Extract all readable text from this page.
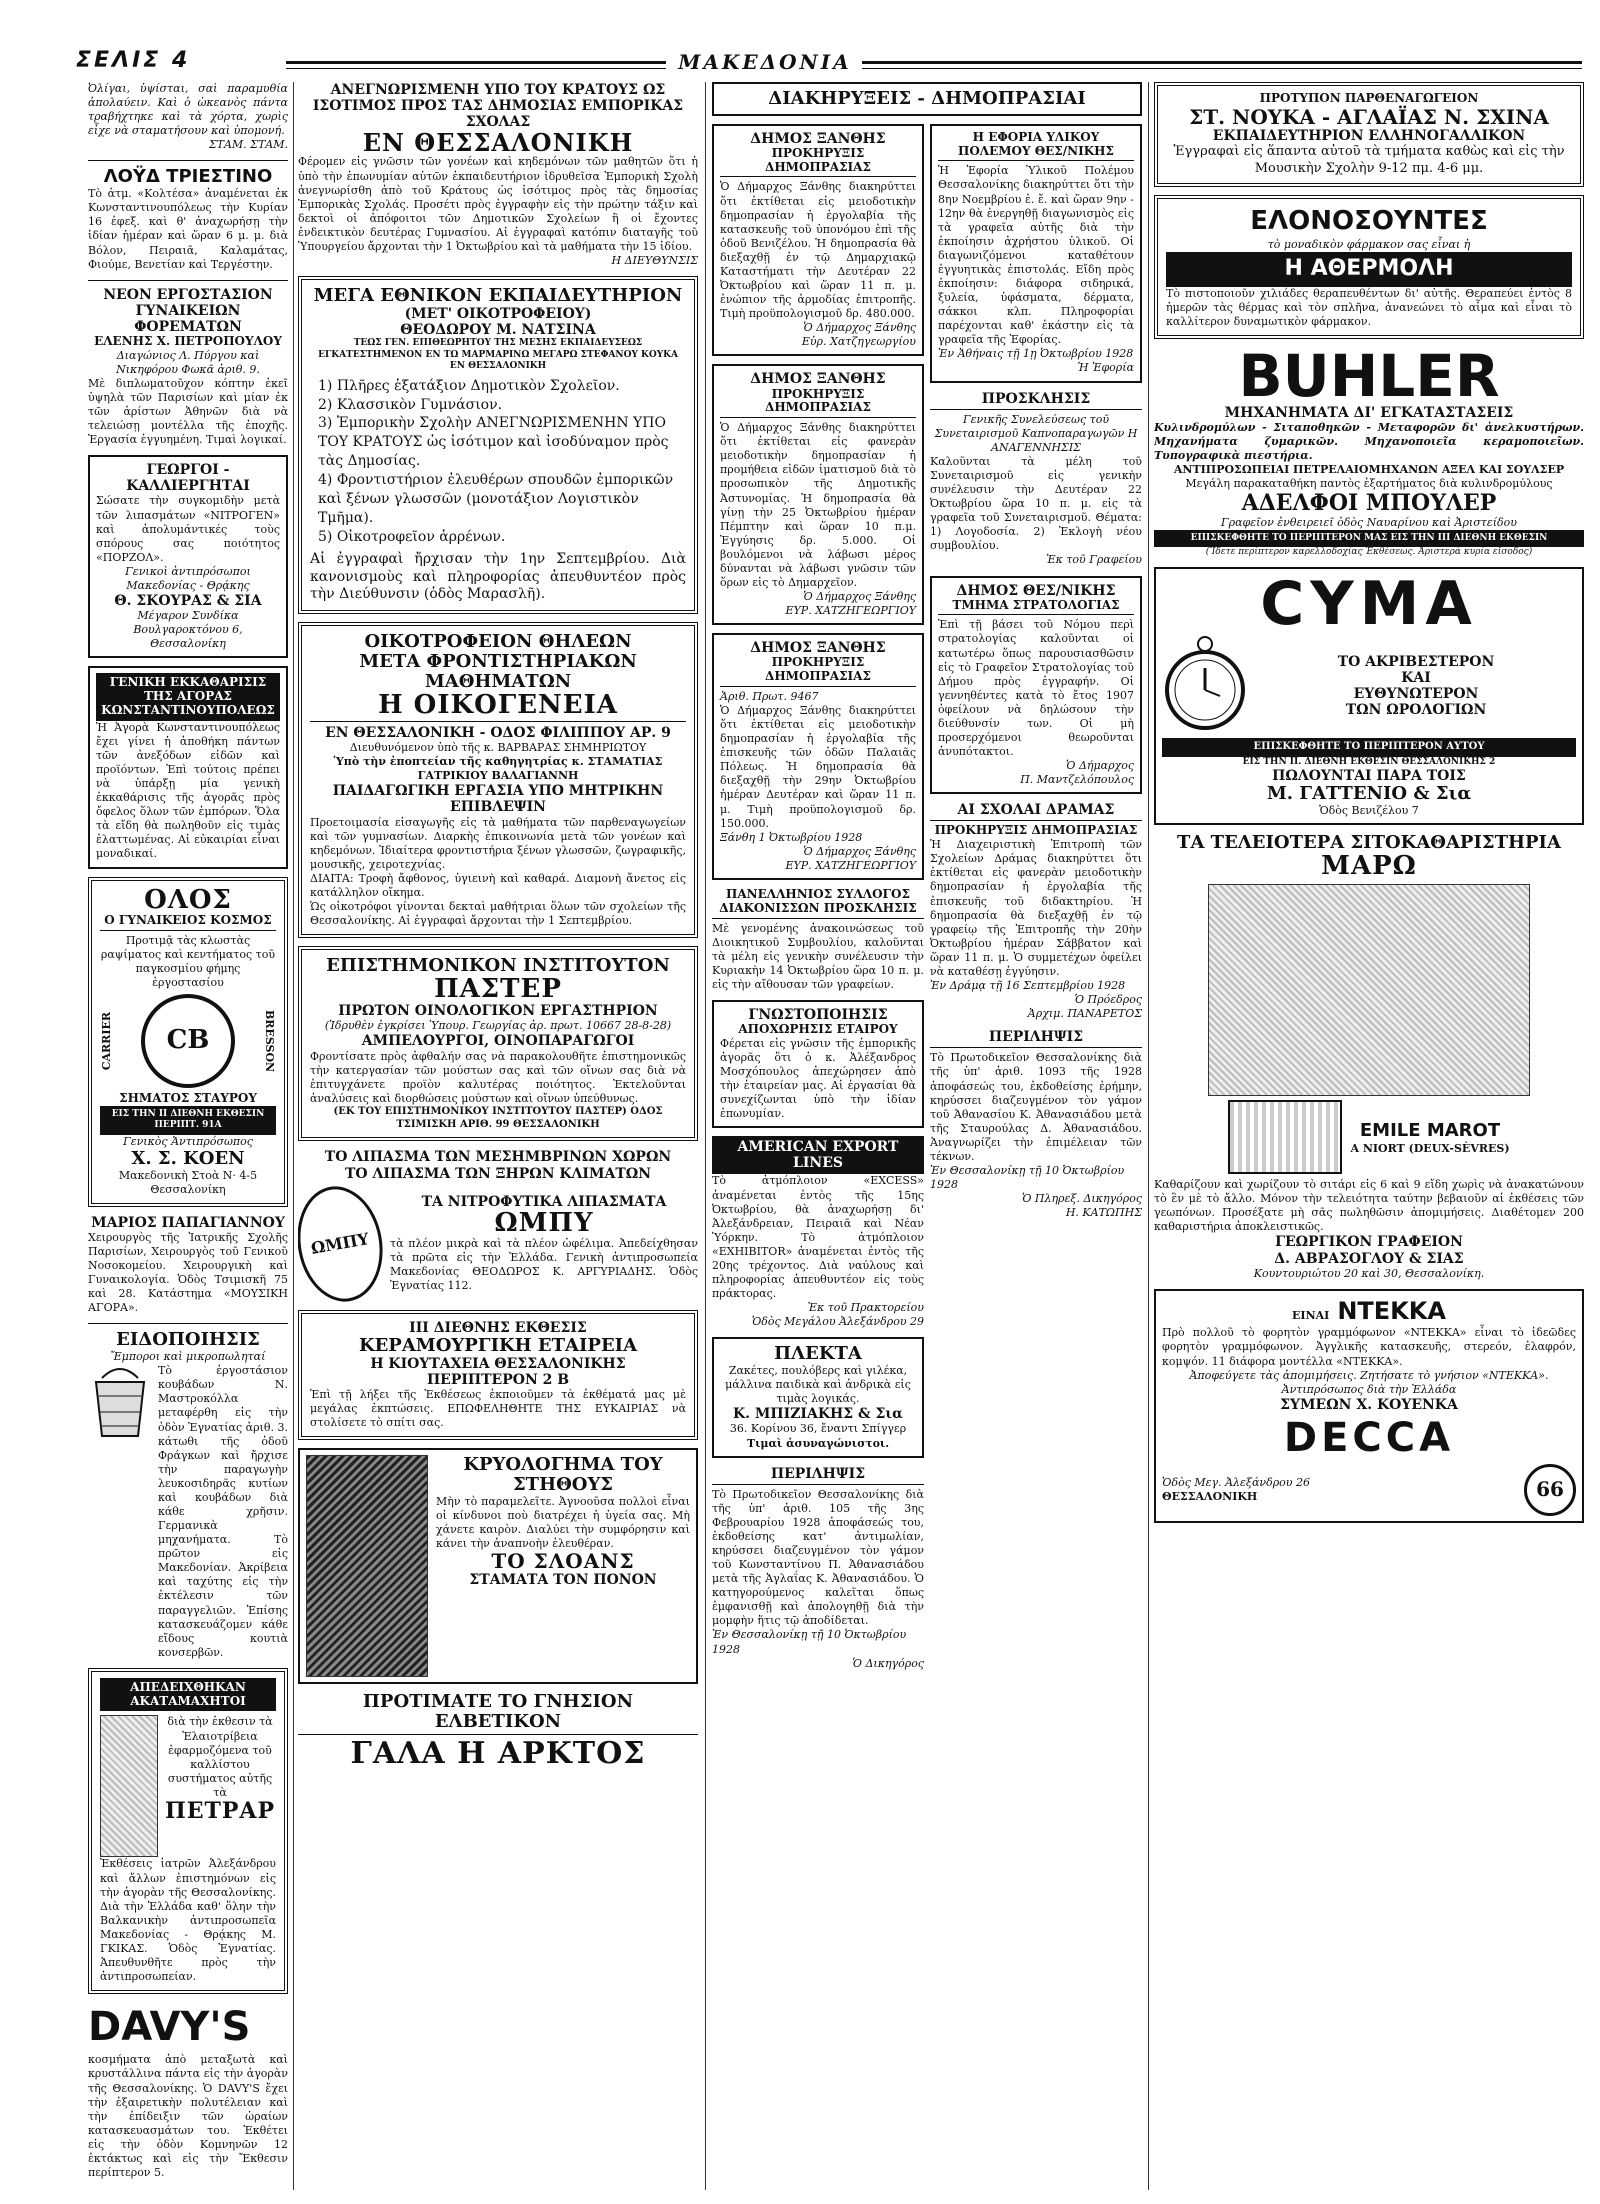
ΣΕΛΙΣ 4	ΜΑΚΕΔΟΝΙΑ
Ὀλίγαι, ὑψίσται, σαὶ παραμυθία ἀπολαύειν. Καὶ ὁ ὠκεανὸς πάντα τραβήχτηκε καὶ τὰ χόρτα, χωρὶς εἶχε νὰ σταματήσουν καὶ ὑπομονή.
ΣΤΑΜ. ΣΤΑΜ.
ΛΟΫΔ ΤΡΙΕΣΤΙΝΟ
Τὸ ἀτμ. «Κολτέσα» ἀναμένεται ἐκ Κωνσταντινουπόλεως τὴν Κυρίαν 16 ἐφεξ. καὶ θ' ἀναχωρήσῃ τὴν ἰδίαν ἡμέραν καὶ ὥραν 6 μ. μ. διὰ Βόλον, Πειραιᾶ, Καλαμάτας, Φιούμε, Βενετίαν καὶ Τεργέστην.
ΝΕΟΝ ΕΡΓΟΣΤΑΣΙΟΝ ΓΥΝΑΙΚΕΙΩΝ ΦΟΡΕΜΑΤΩΝ
ΕΛΕΝΗΣ Χ. ΠΕΤΡΟΠΟΥΛΟΥ
Διαγώνιος Λ. Πύργου καὶ Νικηφόρου Φωκᾶ ἀριθ. 9.
Μὲ διπλωματοῦχον κόπτην ἐκεῖ ὑψηλὰ τῶν Παρισίων καὶ μίαν ἐκ τῶν ἀρίστων Ἀθηνῶν διὰ νὰ τελειώσῃ μοντέλλα τῆς ἐποχῆς. Ἐργασία ἐγγυημένη. Τιμαὶ λογικαί.
ΓΕΩΡΓΟΙ - ΚΑΛΛΙΕΡΓΗΤΑΙ
Σώσατε τὴν συγκομιδὴν μετὰ τῶν λιπασμάτων «ΝΙΤΡΟΓΕΝ» καὶ ἀπολυμάντικές τοὺς σπόρους σας ποιότητος «ΠΟΡΖΟΛ».
Γενικοὶ ἀντιπρόσωποι Μακεδονίας - Θρᾴκης
Θ. ΣΚΟΥΡΑΣ & ΣΙΑ
Μέγαρον Συνδίκα Βουλγαροκτόνου 6, Θεσσαλονίκη
ΓΕΝΙΚΗ ΕΚΚΑΘΑΡΙΣΙΣ ΤΗΣ ΑΓΟΡΑΣ ΚΩΝΣΤΑΝΤΙΝΟΥΠΟΛΕΩΣ
Ἡ Ἀγορὰ Κωνσταντινουπόλεως ἔχει γίνει ἡ ἀποθήκη πάντων τῶν ἀνεξόδων εἰδῶν καὶ προϊόντων. Ἐπὶ τούτοις πρέπει νὰ ὑπάρξῃ μία γενικὴ ἐκκαθάρισις τῆς ἀγορᾶς πρὸς ὄφελος ὅλων τῶν ἐμπόρων. Ὅλα τὰ εἴδη θὰ πωληθοῦν εἰς τιμὰς ἐλαττωμένας. Αἱ εὐκαιρίαι εἶναι μοναδικαί.
ΟΛΟΣ
Ο ΓΥΝΑΙΚΕΙΟΣ ΚΟΣΜΟΣ
Προτιμᾷ τὰς κλωστὰς ραψίματος καὶ κεντήματος τοῦ παγκοσμίου φήμης ἐργοστασίου
CARRIER CB	BRESSON
ΣΗΜΑΤΟΣ ΣΤΑΥΡΟΥ
ΕΙΣ ΤΗΝ ΙΙ ΔΙΕΘΝΗ ΕΚΘΕΣΙΝ ΠΕΡΙΠΤ. 91Α
Γενικὸς Ἀντιπρόσωπος
Χ. Σ. ΚΟΕΝ
Μακεδονικὴ Στοὰ Ν· 4-5 Θεσσαλονίκη
ΜΑΡΙΟΣ ΠΑΠΑΓΙΑΝΝΟΥ
Χειρουργὸς τῆς Ἰατρικῆς Σχολῆς Παρισίων, Χειρουργὸς τοῦ Γενικοῦ Νοσοκομείου. Χειρουργικὴ καὶ Γυναικολογία. Ὁδὸς Τσιμισκῆ 75 καὶ 28. Κατάστημα «ΜΟΥΣΙΚΗ ΑΓΟΡΑ».
ΕΙΔΟΠΟΙΗΣΙΣ
Ἔμποροι καὶ μικροπωληταί
Τὸ ἐργοστάσιον κουβάδων Ν. Μαστροκόλλα μεταφέρθη εἰς τὴν ὁδὸν Ἐγνατίας ἀριθ. 3. κάτωθι τῆς ὁδοῦ Φράγκων καὶ ἤρχισε τὴν παραγωγὴν λευκοσιδηρᾶς κυτίων καὶ κουβάδων διὰ κάθε χρῆσιν. Γερμανικὰ μηχανήματα. Τὸ πρῶτον εἰς Μακεδονίαν. Ἀκρίβεια καὶ ταχύτης εἰς τὴν ἐκτέλεσιν τῶν παραγγελιῶν. Ἐπίσης κατασκευάζομεν κάθε εἴδους κουτιὰ κονσερβῶν.
ΑΠΕΔΕΙΧΘΗΚΑΝ ΑΚΑΤΑΜΑΧΗΤΟΙ
διὰ τὴν ἐκθεσιν τὰ Ἐλαιοτρίβεια ἐφαρμοζόμενα τοῦ καλλίστου συστήματος αὐτῆς τὰ
ΠΕΤΡΑΡ
Ἐκθέσεις ἰατρῶν Ἀλεξάνδρου καὶ ἄλλων ἐπιστημόνων εἰς τὴν ἀγορὰν τῆς Θεσσαλονίκης. Διὰ τὴν Ἑλλάδα καθ' ὅλην τὴν Βαλκανικὴν ἀντιπροσωπεῖα Μακεδονίας - Θρᾴκης Μ. ΓΚΙΚΑΣ. Ὁδὸς Ἐγνατίας. Ἀπευθυνθῆτε πρὸς τὴν ἀντιπροσωπείαν.
DAVY'S
κοσμήματα ἀπὸ μεταξωτὰ καὶ κρυστάλλινα πάντα εἰς τὴν ἀγορὰν τῆς Θεσσαλονίκης. Ὁ DAVY'S ἔχει τὴν ἐξαιρετικὴν πολυτέλειαν καὶ τὴν ἐπίδειξιν τῶν ὡραίων κατασκευασμάτων του. Ἐκθέτει εἰς τὴν ὁδὸν Κομνηνῶν 12 ἐκτάκτως καὶ εἰς τὴν Ἔκθεσιν περίπτερον 5.
ΑΝΕΓΝΩΡΙΣΜΕΝΗ ΥΠΟ ΤΟΥ ΚΡΑΤΟΥΣ ΩΣ ΙΣΟΤΙΜΟΣ ΠΡΟΣ ΤΑΣ ΔΗΜΟΣΙΑΣ ΕΜΠΟΡΙΚΑΣ ΣΧΟΛΑΣ
ΕΝ ΘΕΣΣΑΛΟΝΙΚΗ
Φέρομεν εἰς γνῶσιν τῶν γονέων καὶ κηδεμόνων τῶν μαθητῶν ὅτι ἡ ὑπὸ τὴν ἐπωνυμίαν αὐτῶν ἐκπαιδευτήριον ἰδρυθεῖσα Ἐμπορικὴ Σχολὴ ἀνεγνωρίσθη ἀπὸ τοῦ Κράτους ὡς ἰσότιμος πρὸς τὰς δημοσίας Ἐμπορικὰς Σχολάς. Προσέτι πρὸς ἐγγραφὴν εἰς τὴν πρώτην τάξιν καὶ δεκτοὶ οἱ ἀπόφοιτοι τῶν Δημοτικῶν Σχολείων ἢ οἱ ἔχοντες ἐνδεικτικὸν δευτέρας Γυμνασίου. Αἱ ἐγγραφαὶ κατόπιν διαταγῆς τοῦ Ὑπουργείου ἄρχονται τὴν 1 Ὀκτωβρίου καὶ τὰ μαθήματα τὴν 15 ἰδίου.
Η ΔΙΕΥΘΥΝΣΙΣ
ΜΕΓΑ ΕΘΝΙΚΟΝ ΕΚΠΑΙΔΕΥΤΗΡΙΟΝ
(ΜΕΤ' ΟΙΚΟΤΡΟΦΕΙΟΥ)
ΘΕΟΔΩΡΟΥ Μ. ΝΑΤΣΙΝΑ
ΤΕΩΣ ΓΕΝ. ΕΠΙΘΕΩΡΗΤΟΥ ΤΗΣ ΜΕΣΗΣ ΕΚΠΑΙΔΕΥΣΕΩΣ ΕΓΚΑΤΕΣΤΗΜΕΝΟΝ ΕΝ ΤΩ ΜΑΡΜΑΡΙΝΩ ΜΕΓΑΡΩ ΣΤΕΦΑΝΟΥ ΚΟΥΚΑ ΕΝ ΘΕΣΣΑΛΟΝΙΚΗ
1) Πλῆρες ἑξατάξιον Δημοτικὸν Σχολεῖον.
2) Κλασσικὸν Γυμνάσιον.
3) Ἐμπορικὴν Σχολὴν ΑΝΕΓΝΩΡΙΣΜΕΝΗΝ ΥΠΟ ΤΟΥ ΚΡΑΤΟΥΣ ὡς ἰσότιμον καὶ ἰσοδύναμον πρὸς τὰς Δημοσίας.
4) Φροντιστήριον ἐλευθέρων σπουδῶν ἐμπορικῶν καὶ ξένων γλωσσῶν (μονοτάξιον Λογιστικὸν Τμῆμα).
5) Οἰκοτροφεῖον ἀρρένων.
Αἱ ἐγγραφαὶ ἤρχισαν τὴν 1ην Σεπτεμβρίου. Διὰ κανονισμοὺς καὶ πληροφορίας ἀπευθυντέον πρὸς τὴν Διεύθυνσιν (ὁδὸς Μαρασλῆ).
ΟΙΚΟΤΡΟΦΕΙΟΝ ΘΗΛΕΩΝ
ΜΕΤΑ ΦΡΟΝΤΙΣΤΗΡΙΑΚΩΝ ΜΑΘΗΜΑΤΩΝ
Η ΟΙΚΟΓΕΝΕΙΑ
ΕΝ ΘΕΣΣΑΛΟΝΙΚΗ - ΟΔΟΣ ΦΙΛΙΠΠΟΥ ΑΡ. 9
Διευθυνόμενον ὑπὸ τῆς κ. ΒΑΡΒΑΡΑΣ ΣΗΜΗΡΙΩΤΟΥ
Ὑπὸ τὴν ἐποπτείαν τῆς καθηγητρίας κ. ΣΤΑΜΑΤΙΑΣ ΓΑΤΡΙΚΙΟΥ ΒΑΛΑΓΙΑΝΝΗ
ΠΑΙΔΑΓΩΓΙΚΗ ΕΡΓΑΣΙΑ ΥΠΟ ΜΗΤΡΙΚΗΝ ΕΠΙΒΛΕΨΙΝ
Προετοιμασία εἰσαγωγῆς εἰς τὰ μαθήματα τῶν παρθεναγωγείων καὶ τῶν γυμνασίων. Διαρκὴς ἐπικοινωνία μετὰ τῶν γονέων καὶ κηδεμόνων. Ἰδιαίτερα φροντιστήρια ξένων γλωσσῶν, ζωγραφικῆς, μουσικῆς, χειροτεχνίας.
ΔΙΑΙΤΑ: Τροφὴ ἄφθονος, ὑγιεινὴ καὶ καθαρά. Διαμονὴ ἄνετος εἰς κατάλληλον οἴκημα.
Ὡς οἰκοτρόφοι γίνονται δεκταὶ μαθήτριαι ὅλων τῶν σχολείων τῆς Θεσσαλονίκης. Αἱ ἐγγραφαὶ ἄρχονται τὴν 1 Σεπτεμβρίου.
ΕΠΙΣΤΗΜΟΝΙΚΟΝ ΙΝΣΤΙΤΟΥΤΟΝ
ΠΑΣΤΕΡ
ΠΡΩΤΟΝ ΟΙΝΟΛΟΓΙΚΟΝ ΕΡΓΑΣΤΗΡΙΟΝ
(Ἰδρυθὲν ἐγκρίσει Ὑπουρ. Γεωργίας ἀρ. πρωτ. 10667 28-8-28)
ΑΜΠΕΛΟΥΡΓΟΙ, ΟΙΝΟΠΑΡΑΓΩΓΟΙ
Φροντίσατε πρὸς ἀφθαλήν σας νὰ παρακολουθῆτε ἐπιστημονικῶς τὴν κατεργασίαν τῶν μούστων σας καὶ τῶν οἴνων σας διὰ νὰ ἐπιτυγχάνετε προϊὸν καλυτέρας ποιότητος. Ἐκτελοῦνται ἀναλύσεις καὶ διορθώσεις μούστων καὶ οἴνων ὑπεύθυνως.
(ΕΚ ΤΟΥ ΕΠΙΣΤΗΜΟΝΙΚΟΥ ΙΝΣΤΙΤΟΥΤΟΥ ΠΑΣΤΕΡ) ΟΔΟΣ ΤΣΙΜΙΣΚΗ ΑΡΙΘ. 99 ΘΕΣΣΑΛΟΝΙΚΗ
ΤΟ ΛΙΠΑΣΜΑ ΤΩΝ ΜΕΣΗΜΒΡΙΝΩΝ ΧΩΡΩΝ
ΤΟ ΛΙΠΑΣΜΑ ΤΩΝ ΞΗΡΩΝ ΚΛΙΜΑΤΩΝ
ΩΜΠΥ
ΤΑ ΝΙΤΡΟΦΥΤΙΚΑ ΛΙΠΑΣΜΑΤΑ
ΩΜΠΥ
τὰ πλέον μικρὰ καὶ τὰ πλέον ὠφέλιμα. Ἀπεδείχθησαν τὰ πρῶτα εἰς τὴν Ἑλλάδα. Γενικὴ ἀντιπροσωπεία Μακεδονίας ΘΕΟΔΩΡΟΣ Κ. ΑΡΓΥΡΙΑΔΗΣ. Ὁδὸς Ἐγνατίας 112.
ΙΙΙ ΔΙΕΘΝΗΣ ΕΚΘΕΣΙΣ
ΚΕΡΑΜΟΥΡΓΙΚΗ ΕΤΑΙΡΕΙΑ
Η ΚΙΟΥΤΑΧΕΙΑ ΘΕΣΣΑΛΟΝΙΚΗΣ
ΠΕΡΙΠΤΕΡΟΝ 2 Β
Ἐπὶ τῇ λήξει τῆς Ἐκθέσεως ἐκποιοῦμεν τὰ ἐκθέματά μας μὲ μεγάλας ἐκπτώσεις. ΕΠΩΦΕΛΗΘΗΤΕ ΤΗΣ ΕΥΚΑΙΡΙΑΣ νὰ στολίσετε τὸ σπίτι σας.
ΚΡΥΟΛΟΓΗΜΑ ΤΟΥ ΣΤΗΘΟΥΣ
Μὴν τὸ παραμελεῖτε. Ἀγνοοῦσα πολλοὶ εἶναι οἱ κίνδυνοι ποὺ διατρέχει ἡ ὑγεία σας. Μὴ χάνετε καιρὸν. Διαλύει τὴν συμφόρησιν καὶ κάνει τὴν ἀναπνοὴν ἐλευθέραν.
ΤΟ ΣΛΟΑΝΣ
ΣΤΑΜΑΤΑ ΤΟΝ ΠΟΝΟΝ
ΠΡΟΤΙΜΑΤΕ ΤΟ ΓΝΗΣΙΟΝ ΕΛΒΕΤΙΚΟΝ
ΓΑΛΑ Η ΑΡΚΤΟΣ
ΔΙΑΚΗΡΥΞΕΙΣ - ΔΗΜΟΠΡΑΣΙΑΙ
ΔΗΜΟΣ ΞΑΝΘΗΣ
ΠΡΟΚΗΡΥΞΙΣ ΔΗΜΟΠΡΑΣΙΑΣ
Ὁ Δήμαρχος Ξάνθης διακηρύττει ὅτι ἐκτίθεται εἰς μειοδοτικὴν δημοπρασίαν ἡ ἐργολαβία τῆς κατασκευῆς τοῦ ὑπονόμου ἐπὶ τῆς ὁδοῦ Βενιζέλου. Ἡ δημοπρασία θὰ διεξαχθῇ ἐν τῷ Δημαρχιακῷ Καταστήματι τὴν Δευτέραν 22 Ὀκτωβρίου καὶ ὥραν 11 π. μ. ἐνώπιον τῆς ἁρμοδίας ἐπιτροπῆς. Τιμὴ προϋπολογισμοῦ δρ. 480.000.
Ὁ Δήμαρχος Ξάνθης
Εὐρ. Χατζηγεωργίου
ΔΗΜΟΣ ΞΑΝΘΗΣ
ΠΡΟΚΗΡΥΞΙΣ ΔΗΜΟΠΡΑΣΙΑΣ
Ὁ Δήμαρχος Ξάνθης διακηρύττει ὅτι ἐκτίθεται εἰς φανερὰν μειοδοτικὴν δημοπρασίαν ἡ προμήθεια εἰδῶν ἱματισμοῦ διὰ τὸ προσωπικὸν τῆς Δημοτικῆς Ἀστυνομίας. Ἡ δημοπρασία θὰ γίνῃ τὴν 25 Ὀκτωβρίου ἡμέραν Πέμπτην καὶ ὥραν 10 π.μ. Ἐγγύησις δρ. 5.000. Οἱ βουλόμενοι νὰ λάβωσι μέρος δύνανται νὰ λάβωσι γνῶσιν τῶν ὅρων εἰς τὸ Δημαρχεῖον.
Ὁ Δήμαρχος Ξάνθης
ΕΥΡ. ΧΑΤΖΗΓΕΩΡΓΙΟΥ
ΔΗΜΟΣ ΞΑΝΘΗΣ
ΠΡΟΚΗΡΥΞΙΣ ΔΗΜΟΠΡΑΣΙΑΣ
Ἀριθ. Πρωτ. 9467
Ὁ Δήμαρχος Ξάνθης διακηρύττει ὅτι ἐκτίθεται εἰς μειοδοτικὴν δημοπρασίαν ἡ ἐργολαβία τῆς ἐπισκευῆς τῶν ὁδῶν Παλαιᾶς Πόλεως. Ἡ δημοπρασία θὰ διεξαχθῇ τὴν 29ην Ὀκτωβρίου ἡμέραν Δευτέραν καὶ ὥραν 11 π. μ. Τιμὴ προϋπολογισμοῦ δρ. 150.000.
Ξάνθη 1 Ὀκτωβρίου 1928
Ὁ Δήμαρχος Ξάνθης
ΕΥΡ. ΧΑΤΖΗΓΕΩΡΓΙΟΥ
ΠΑΝΕΛΛΗΝΙΟΣ ΣΥΛΛΟΓΟΣ ΔΙΑΚΟΝΙΣΣΩΝ ΠΡΟΣΚΛΗΣΙΣ
Μὲ γενομένης ἀνακοινώσεως τοῦ Διοικητικοῦ Συμβουλίου, καλοῦνται τὰ μέλη εἰς γενικὴν συνέλευσιν τὴν Κυριακὴν 14 Ὀκτωβρίου ὥρα 10 π. μ. εἰς τὴν αἴθουσαν τῶν γραφείων.
ΓΝΩΣΤΟΠΟΙΗΣΙΣ
ΑΠΟΧΩΡΗΣΙΣ ΕΤΑΙΡΟΥ
Φέρεται εἰς γνῶσιν τῆς ἐμπορικῆς ἀγορᾶς ὅτι ὁ κ. Ἀλέξανδρος Μοσχόπουλος ἀπεχώρησεν ἀπὸ τὴν ἑταιρείαν μας. Αἱ ἐργασίαι θὰ συνεχίζωνται ὑπὸ τὴν ἰδίαν ἐπωνυμίαν.
AMERICAN EXPORT LINES
Τὸ ἀτμόπλοιον «EXCESS» ἀναμένεται ἐντὸς τῆς 15ης Ὀκτωβρίου, θὰ ἀναχωρήσῃ δι' Ἀλεξάνδρειαν, Πειραιᾶ καὶ Νέαν Ὑόρκην. Τὸ ἀτμόπλοιον «EXHIBITOR» ἀναμένεται ἐντὸς τῆς 20ης τρέχοντος. Διὰ ναύλους καὶ πληροφορίας ἀπευθυντέον εἰς τοὺς πράκτορας.
Ἐκ τοῦ Πρακτορείου
Ὁδὸς Μεγάλου Ἀλεξάνδρου 29
ΠΛΕΚΤΑ
Ζακέτες, πουλόβερς καὶ γιλέκα, μάλλινα παιδικὰ καὶ ἀνδρικὰ εἰς τιμὰς λογικάς.
Κ. ΜΠΙΖΙΑΚΗΣ & Σια
36. Κορίνου 36, ἔναντι Σπίγγερ
Τιμαὶ ἀσυναγώνιστοι.
ΠΕΡΙΛΗΨΙΣ
Τὸ Πρωτοδικεῖον Θεσσαλονίκης διὰ τῆς ὑπ' ἀριθ. 105 τῆς 3ης Φεβρουαρίου 1928 ἀποφάσεώς του, ἐκδοθείσης κατ' ἀντιμωλίαν, κηρύσσει διαζευγμένον τὸν γάμον τοῦ Κωνσταντίνου Π. Ἀθανασιάδου μετὰ τῆς Ἀγλαΐας Κ. Ἀθανασιάδου. Ὁ κατηγορούμενος καλεῖται ὅπως ἐμφανισθῇ καὶ ἀπολογηθῇ διὰ τὴν μομφὴν ἥτις τῷ ἀποδίδεται.
Ἐν Θεσσαλονίκῃ τῇ 10 Ὀκτωβρίου 1928
Ὁ Δικηγόρος
Η ΕΦΟΡΙΑ ΥΛΙΚΟΥ ΠΟΛΕΜΟΥ ΘΕΣ/ΝΙΚΗΣ
Ἡ Ἐφορία Ὑλικοῦ Πολέμου Θεσσαλονίκης διακηρύττει ὅτι τὴν 8ην Νοεμβρίου ἐ. ἔ. καὶ ὥραν 9ην - 12ην θὰ ἐνεργηθῇ διαγωνισμὸς εἰς τὰ γραφεῖα αὐτῆς διὰ τὴν ἐκποίησιν ἀχρήστου ὑλικοῦ. Οἱ διαγωνιζόμενοι καταθέτουν ἐγγυητικὰς ἐπιστολάς. Εἴδη πρὸς ἐκποίησιν: διάφορα σιδηρικά, ξυλεία, ὑφάσματα, δέρματα, σάκκοι κλπ. Πληροφορίαι παρέχονται καθ' ἑκάστην εἰς τὰ γραφεῖα τῆς Ἐφορίας.
Ἐν Ἀθήναις τῇ 1ῃ Ὀκτωβρίου 1928
Ἡ Ἐφορία
ΠΡΟΣΚΛΗΣΙΣ
Γενικῆς Συνελεύσεως τοῦ Συνεταιρισμοῦ Καπνοπαραγωγῶν Η ΑΝΑΓΕΝΝΗΣΙΣ
Καλοῦνται τὰ μέλη τοῦ Συνεταιρισμοῦ εἰς γενικὴν συνέλευσιν τὴν Δευτέραν 22 Ὀκτωβρίου ὥρα 10 π. μ. εἰς τὰ γραφεῖα τοῦ Συνεταιρισμοῦ. Θέματα: 1) Λογοδοσία. 2) Ἐκλογὴ νέου συμβουλίου.
Ἐκ τοῦ Γραφείου
ΔΗΜΟΣ ΘΕΣ/ΝΙΚΗΣ
ΤΜΗΜΑ ΣΤΡΑΤΟΛΟΓΙΑΣ
Ἐπὶ τῇ βάσει τοῦ Νόμου περὶ στρατολογίας καλοῦνται οἱ κατωτέρω ὅπως παρουσιασθῶσιν εἰς τὸ Γραφεῖον Στρατολογίας τοῦ Δήμου πρὸς ἐγγραφήν. Οἱ γεννηθέντες κατὰ τὸ ἔτος 1907 ὀφείλουν νὰ δηλώσουν τὴν διεύθυνσίν των. Οἱ μὴ προσερχόμενοι θεωροῦνται ἀνυπότακτοι.
Ὁ Δήμαρχος
Π. Μαντζελόπουλος
ΑΙ ΣΧΟΛΑΙ ΔΡΑΜΑΣ
ΠΡΟΚΗΡΥΞΙΣ ΔΗΜΟΠΡΑΣΙΑΣ
Ἡ Διαχειριστικὴ Ἐπιτροπὴ τῶν Σχολείων Δράμας διακηρύττει ὅτι ἐκτίθεται εἰς φανερὰν μειοδοτικὴν δημοπρασίαν ἡ ἐργολαβία τῆς ἐπισκευῆς τοῦ διδακτηρίου. Ἡ δημοπρασία θὰ διεξαχθῇ ἐν τῷ γραφείῳ τῆς Ἐπιτροπῆς τὴν 20ὴν Ὀκτωβρίου ἡμέραν Σάββατον καὶ ὥραν 11 π. μ. Ὁ συμμετέχων ὀφείλει νὰ καταθέσῃ ἐγγύησιν.
Ἐν Δράμᾳ τῇ 16 Σεπτεμβρίου 1928
Ὁ Πρόεδρος
Ἀρχιμ. ΠΑΝΑΡΕΤΟΣ
ΠΕΡΙΛΗΨΙΣ
Τὸ Πρωτοδικεῖον Θεσσαλονίκης διὰ τῆς ὑπ' ἀριθ. 1093 τῆς 1928 ἀποφάσεώς του, ἐκδοθείσης ἐρήμην, κηρύσσει διαζευγμένον τὸν γάμον τοῦ Ἀθανασίου Κ. Ἀθανασιάδου μετὰ τῆς Σταυρούλας Δ. Ἀθανασιάδου. Ἀναγνωρίζει τὴν ἐπιμέλειαν τῶν τέκνων.
Ἐν Θεσσαλονίκῃ τῇ 10 Ὀκτωβρίου 1928
Ὁ Πληρεξ. Δικηγόρος
Η. ΚΑΤΩΠΗΣ
ΠΡΟΤΥΠΟΝ ΠΑΡΘΕΝΑΓΩΓΕΙΟΝ
ΣΤ. ΝΟΥΚΑ - ΑΓΛΑΪΑΣ Ν. ΣΧΙΝΑ
ΕΚΠΑΙΔΕΥΤΗΡΙΟΝ ΕΛΛΗΝΟΓΑΛΛΙΚΟΝ
Ἐγγραφαὶ εἰς ἅπαντα αὐτοῦ τὰ τμήματα καθὼς καὶ εἰς τὴν Μουσικὴν Σχολὴν 9-12 πμ. 4-6 μμ.
ΕΛΟΝΟΣΟΥΝΤΕΣ
τὸ μοναδικὸν φάρμακον σας εἶναι ἡ
Η ΑΘΕΡΜΟΛΗ
Τὸ πιστοποιοῦν χιλιάδες θεραπευθέντων δι' αὐτῆς. Θεραπεύει ἐντὸς 8 ἡμερῶν τὰς θέρμας καὶ τὸν σπλῆνα, ἀνανεώνει τὸ αἷμα καὶ εἶναι τὸ καλλίτερον δυναμωτικὸν φάρμακον.
BUHLER
ΜΗΧΑΝΗΜΑΤΑ ΔΙ' ΕΓΚΑΤΑΣΤΑΣΕΙΣ
Κυλινδρομύλων - Σιταποθηκῶν - Μεταφορῶν δι' ἀνελκυστήρων. Μηχανήματα ζυμαρικῶν. Μηχανοποιεῖα κεραμοποιεῖων. Τυπογραφικὰ πιεστήρια.
ΑΝΤΙΠΡΟΣΩΠΕΙΑΙ ΠΕΤΡΕΛΑΙΟΜΗΧΑΝΩΝ ΑΞΕΛ ΚΑΙ ΣΟΥΛΣΕΡ
Μεγάλη παρακαταθήκη παντὸς ἐξαρτήματος διὰ κυλινδρομύλους
ΑΔΕΛΦΟΙ ΜΠΟΥΛΕΡ
Γραφεῖον ἐνθειρειεῖ ὁδὸς Ναυαρίνου καὶ Ἀριστείδου
ΕΠΙΣΚΕΦΘΗΤΕ ΤΟ ΠΕΡΙΠΤΕΡΟΝ ΜΑΣ ΕΙΣ ΤΗΝ ΙΙΙ ΔΙΕΘΝΗ ΕΚΘΕΣΙΝ
(Ἴδετε περίπτερον καρελλοδοχίας Ἐκθέσεως. Ἀριστερὰ κυρία εἴσοδος)
CYMA
ΤΟ ΑΚΡΙΒΕΣΤΕΡΟΝ
ΚΑΙ
ΕΥΘΥΝΩΤΕΡΟΝ
ΤΩΝ ΩΡΟΛΟΓΙΩΝ
ΕΠΙΣΚΕΦΘΗΤΕ ΤΟ ΠΕΡΙΠΤΕΡΟΝ ΑΥΤΟΥ
ΕΙΣ ΤΗΝ ΙΙ. ΔΙΕΘΝΗ ΕΚΘΕΣΙΝ ΘΕΣΣΑΛΟΝΙΚΗΣ 2
ΠΩΛΟΥΝΤΑΙ ΠΑΡΑ ΤΟΙΣ
Μ. ΓΑΤΤΕΝΙΟ & Σια
Ὁδὸς Βενιζέλου 7
ΤΑ ΤΕΛΕΙΟΤΕΡΑ ΣΙΤΟΚΑΘΑΡΙΣΤΗΡΙΑ
ΜΑΡΩ
EMILE MAROT
A NIORT (DEUX-SÈVRES)
Καθαρίζουν καὶ χωρίζουν τὸ σιτάρι εἰς 6 καὶ 9 εἴδη χωρὶς νὰ ἀνακατώνουν τὸ ἓν μὲ τὸ ἄλλο. Μόνον τὴν τελειότητα ταύτην βεβαιοῦν αἱ ἐκθέσεις τῶν γεωπόνων. Προσέξατε μὴ σᾶς πωληθῶσιν ἀπομιμήσεις. Διαθέτομεν 200 καθαριστήρια ἀποκλειστικῶς.
ΓΕΩΡΓΙΚΟΝ ΓΡΑΦΕΙΟΝ
Δ. ΑΒΡΑΣΟΓΛΟΥ & ΣΙΑΣ
Κουντουριώτου 20 καὶ 30, Θεσσαλονίκη.
ΕΙΝΑΙ ΝΤΕΚΚΑ
Πρὸ πολλοῦ τὸ φορητὸν γραμμόφωνον «ΝΤΕΚΚΑ» εἶναι τὸ ἰδεῶδες φορητὸν γραμμόφωνον. Ἀγγλικῆς κατασκευῆς, στερεόν, ἐλαφρόν, κομψόν. 11 διάφορα μοντέλλα «ΝΤΕΚΚΑ».
Ἀποφεύγετε τὰς ἀπομιμήσεις. Ζητήσατε τὸ γνήσιον «ΝΤΕΚΚΑ».
Ἀντιπρόσωπος διὰ τὴν Ἑλλάδα
ΣΥΜΕΩΝ Χ. ΚΟΥΕΝΚΑ
DECCA
Ὁδὸς Μεγ. Ἀλεξάνδρου 26
ΘΕΣΣΑΛΟΝΙΚΗ	66
